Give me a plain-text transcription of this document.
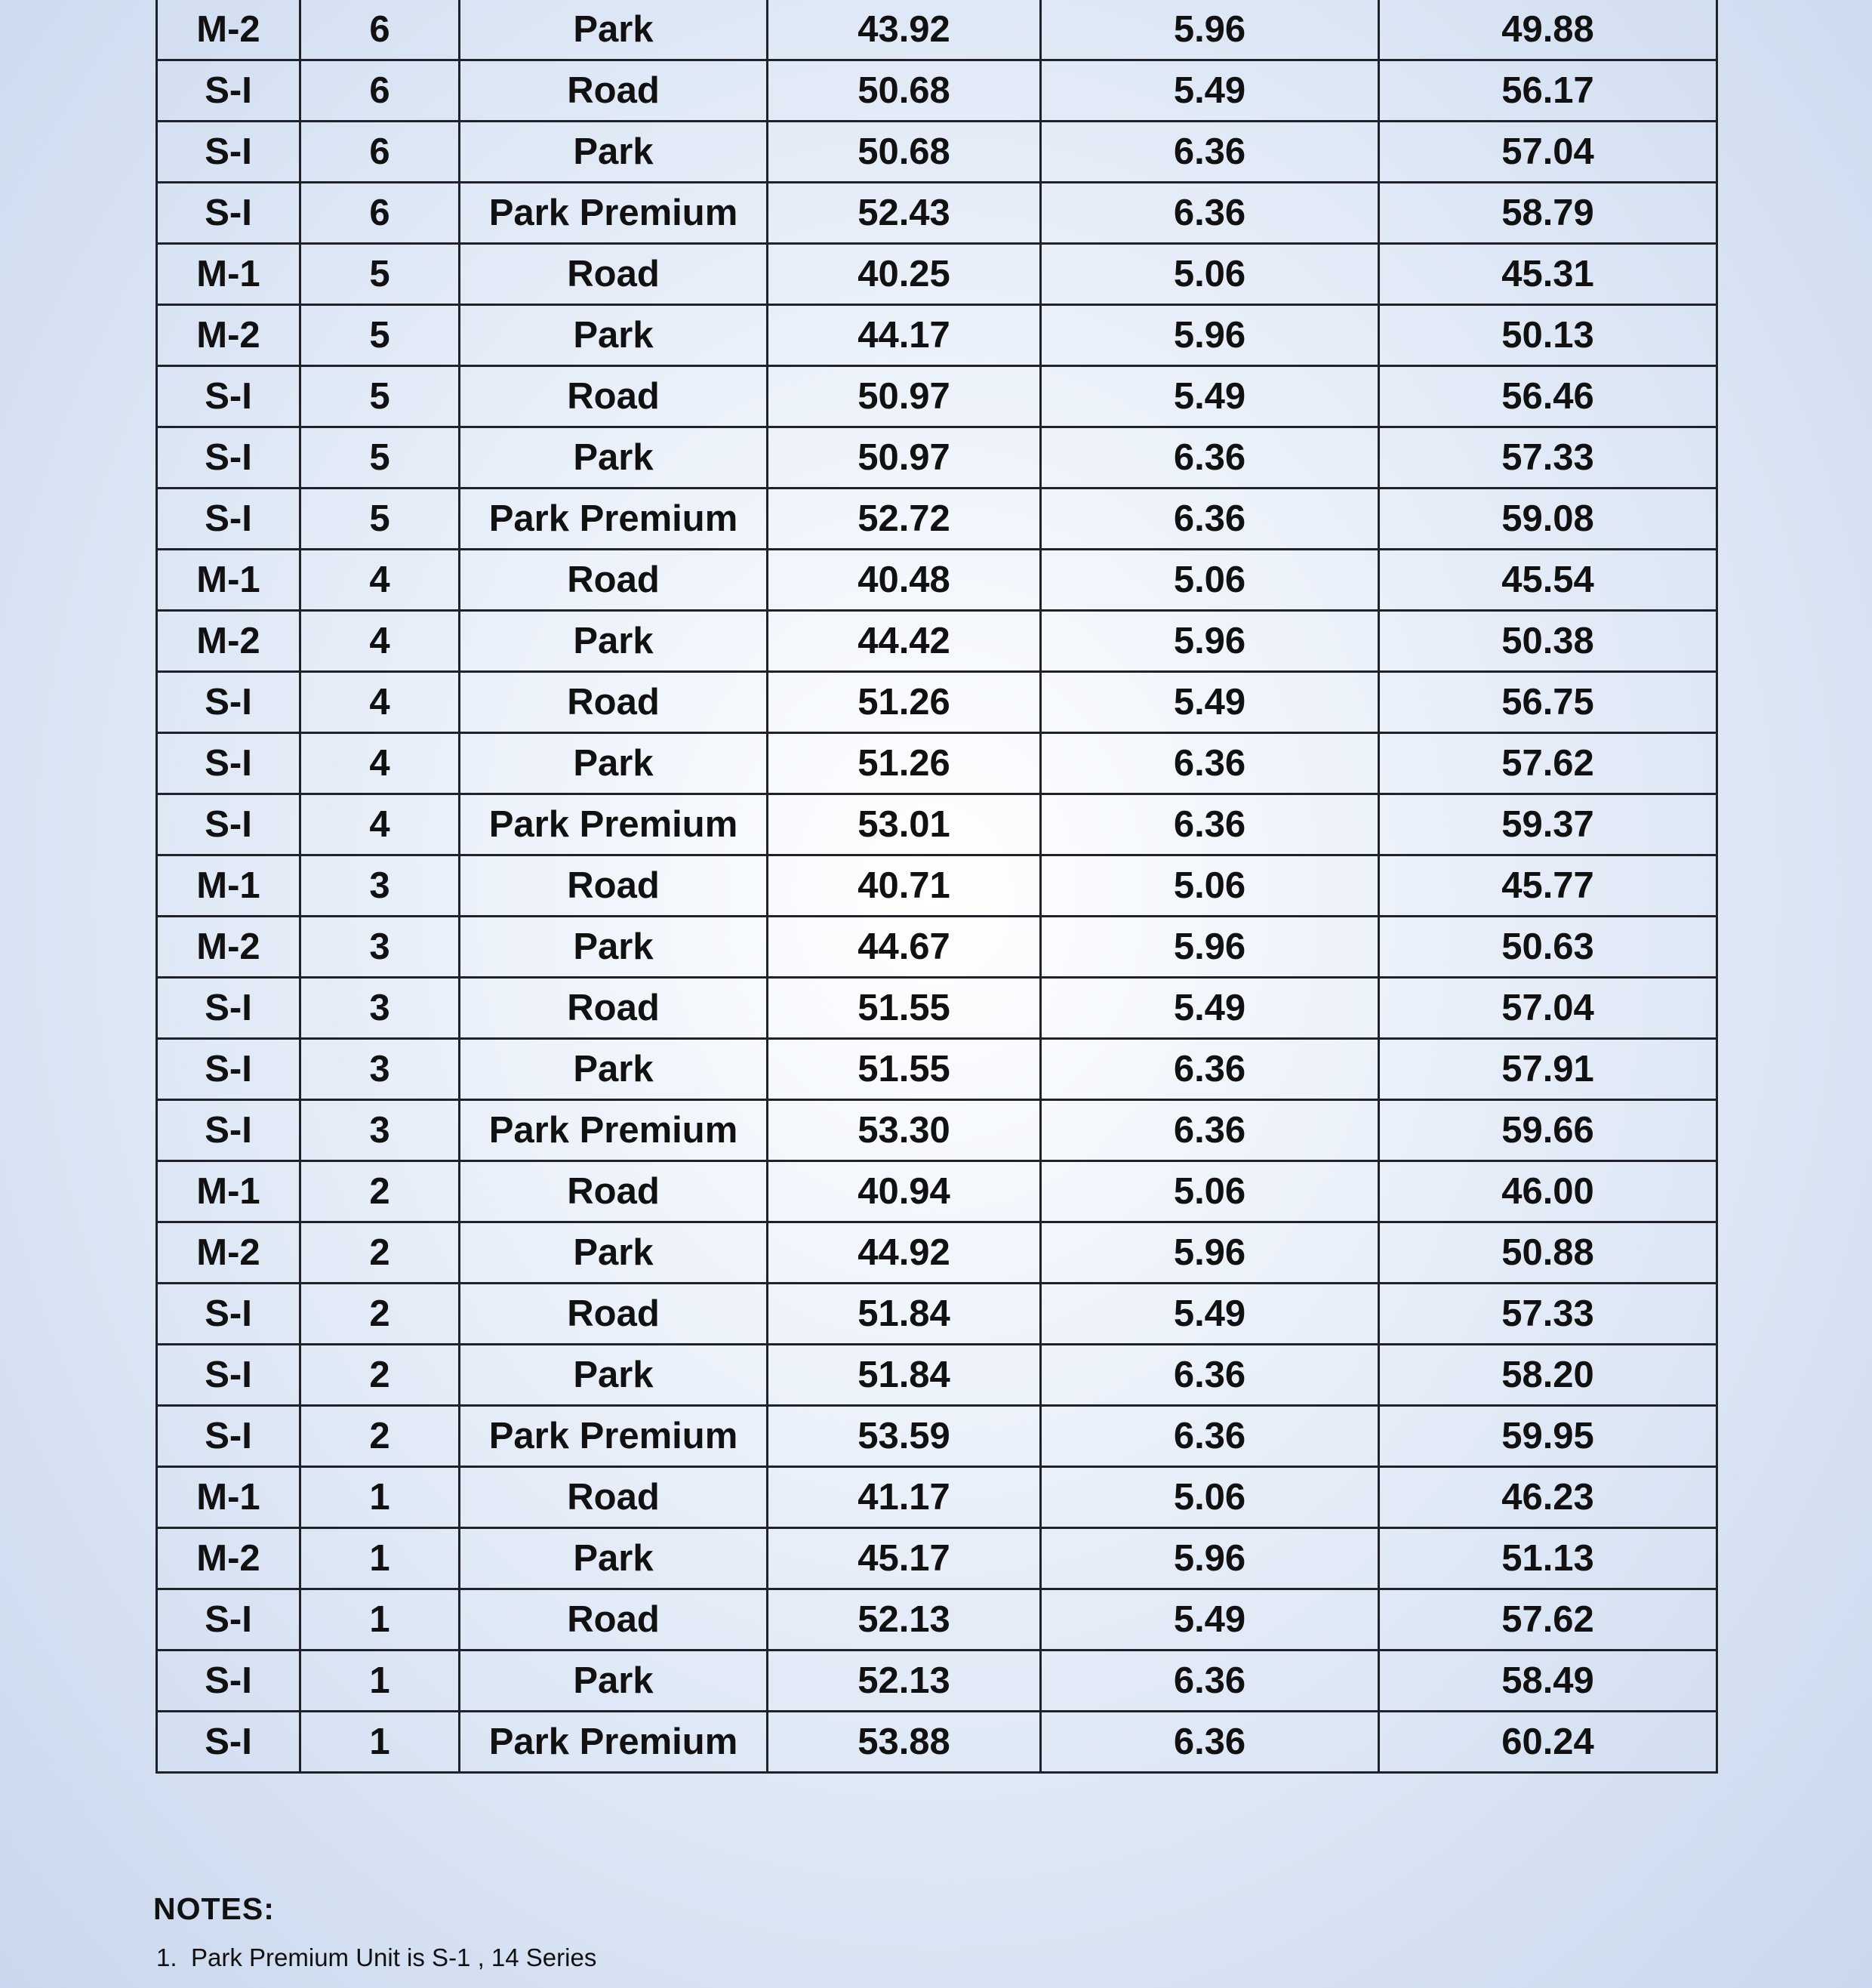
M-2	6	Park	43.92	5.96	49.88
S-I	6	Road	50.68	5.49	56.17
S-I	6	Park	50.68	6.36	57.04
S-I	6	Park Premium	52.43	6.36	58.79
M-1	5	Road	40.25	5.06	45.31
M-2	5	Park	44.17	5.96	50.13
S-I	5	Road	50.97	5.49	56.46
S-I	5	Park	50.97	6.36	57.33
S-I	5	Park Premium	52.72	6.36	59.08
M-1	4	Road	40.48	5.06	45.54
M-2	4	Park	44.42	5.96	50.38
S-I	4	Road	51.26	5.49	56.75
S-I	4	Park	51.26	6.36	57.62
S-I	4	Park Premium	53.01	6.36	59.37
M-1	3	Road	40.71	5.06	45.77
M-2	3	Park	44.67	5.96	50.63
S-I	3	Road	51.55	5.49	57.04
S-I	3	Park	51.55	6.36	57.91
S-I	3	Park Premium	53.30	6.36	59.66
M-1	2	Road	40.94	5.06	46.00
M-2	2	Park	44.92	5.96	50.88
S-I	2	Road	51.84	5.49	57.33
S-I	2	Park	51.84	6.36	58.20
S-I	2	Park Premium	53.59	6.36	59.95
M-1	1	Road	41.17	5.06	46.23
M-2	1	Park	45.17	5.96	51.13
S-I	1	Road	52.13	5.49	57.62
S-I	1	Park	52.13	6.36	58.49
S-I	1	Park Premium	53.88	6.36	60.24
NOTES:
1. Park Premium Unit is S-1 , 14 Series
